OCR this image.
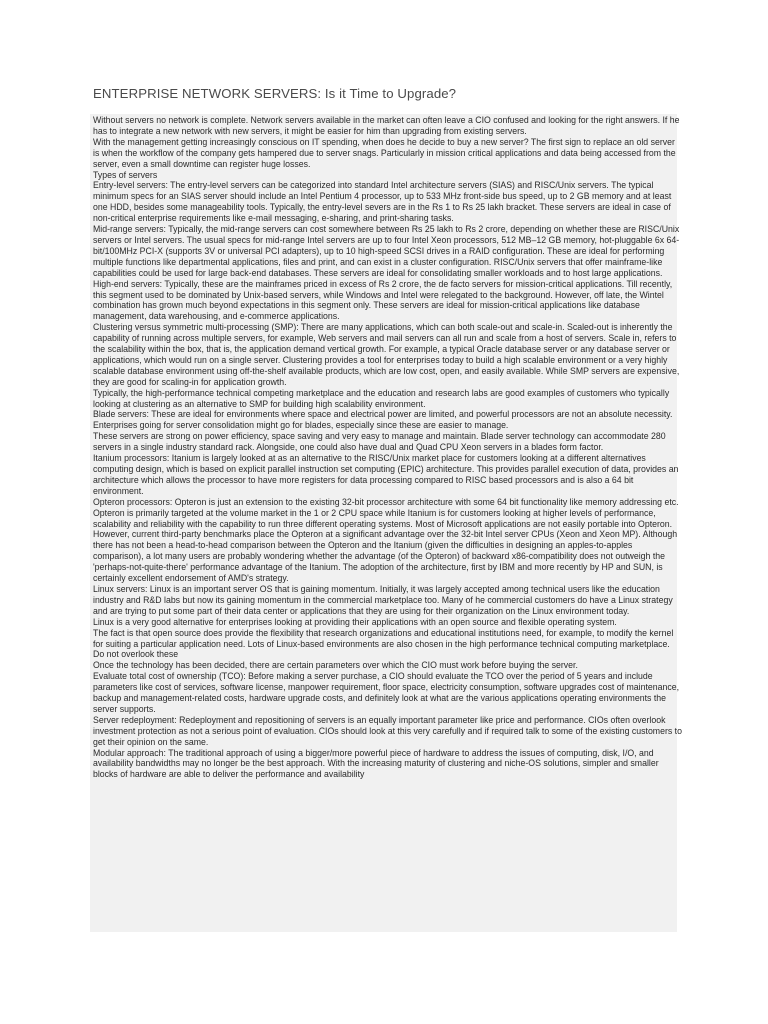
ENTERPRISE NETWORK SERVERS: Is it Time to Upgrade?

Without servers no network is complete. Network servers available in the market can often leave a CIO confused and looking for the right answers. If he has to integrate a new network with new servers, it might be easier for him than upgrading from existing servers.

With the management getting increasingly conscious on IT spending, when does he decide to buy a new server? The first sign to replace an old server is when the workflow of the company gets hampered due to server snags. Particularly in mission critical applications and data being accessed from the server, even a small downtime can register huge losses.

Types of servers

Entry-level servers: The entry-level servers can be categorized into standard Intel architecture servers (SIAS) and RISC/Unix servers. The typical minimum specs for an SIAS server should include an Intel Pentium 4 processor, up to 533 MHz front-side bus speed, up to 2 GB memory and at least one HDD, besides some manageability tools. Typically, the entry-level severs are in the Rs 1 to Rs 25 lakh bracket. These servers are ideal in case of non-critical enterprise requirements like e-mail messaging, e-sharing, and print-sharing tasks.

Mid-range servers: Typically, the mid-range servers can cost somewhere between Rs 25 lakh to Rs 2 crore, depending on whether these are RISC/Unix servers or Intel servers. The usual specs for mid-range Intel servers are up to four Intel Xeon processors, 512 MB–12 GB memory, hot-pluggable 6x 64-bit/100MHz PCI-X (supports 3V or universal PCI adapters), up to 10 high-speed SCSI drives in a RAID configuration. These are ideal for performing multiple functions like departmental applications, files and print, and can exist in a cluster configuration. RISC/Unix servers that offer mainframe-like capabilities could be used for large back-end databases. These servers are ideal for consolidating smaller workloads and to host large applications.

High-end servers: Typically, these are the mainframes priced in excess of Rs 2 crore, the de facto servers for mission-critical applications. Till recently, this segment used to be dominated by Unix-based servers, while Windows and Intel were relegated to the background. However, off late, the Wintel combination has grown much beyond expectations in this segment only. These servers are ideal for mission-critical applications like database management, data warehousing, and e-commerce applications.

Clustering versus symmetric multi-processing (SMP): There are many applications, which can both scale-out and scale-in. Scaled-out is inherently the capability of running across multiple servers, for example, Web servers and mail servers can all run and scale from a host of servers. Scale in, refers to the scalability within the box, that is, the application demand vertical growth. For example, a typical Oracle database server or any database server or applications, which would run on a single server. Clustering provides a tool for enterprises today to build a high scalable environment or a very highly scalable database environment using off-the-shelf available products, which are low cost, open, and easily available. While SMP servers are expensive, they are good for scaling-in for application growth.

Typically, the high-performance technical competing marketplace and the education and research labs are good examples of customers who typically looking at clustering as an alternative to SMP for building high scalability environment.

Blade servers: These are ideal for environments where space and electrical power are limited, and powerful processors are not an absolute necessity. Enterprises going for server consolidation might go for blades, especially since these are easier to manage.

These servers are strong on power efficiency, space saving and very easy to manage and maintain. Blade server technology can accommodate 280 servers in a single industry standard rack. Alongside, one could also have dual and Quad CPU Xeon servers in a blades form factor.

Itanium processors: Itanium is largely looked at as an alternative to the RISC/Unix market place for customers looking at a different alternatives computing design, which is based on explicit parallel instruction set computing (EPIC) architecture. This provides parallel execution of data, provides an architecture which allows the processor to have more registers for data processing compared to RISC based processors and is also a 64 bit environment.

Opteron processors: Opteron is just an extension to the existing 32-bit processor architecture with some 64 bit functionality like memory addressing etc. Opteron is primarily targeted at the volume market in the 1 or 2 CPU space while Itanium is for customers looking at higher levels of performance, scalability and reliability with the capability to run three different operating systems. Most of Microsoft applications are not easily portable into Opteron.

However, current third-party benchmarks place the Opteron at a significant advantage over the 32-bit Intel server CPUs (Xeon and Xeon MP). Although there has not been a head-to-head comparison between the Opteron and the Itanium (given the difficulties in designing an apples-to-apples comparison), a lot many users are probably wondering whether the advantage (of the Opteron) of backward x86-compatibility does not outweigh the 'perhaps-not-quite-there' performance advantage of the Itanium. The adoption of the architecture, first by IBM and more recently by HP and SUN, is certainly excellent endorsement of AMD's strategy.

Linux servers: Linux is an important server OS that is gaining momentum. Initially, it was largely accepted among technical users like the education industry and R&D labs but now its gaining momentum in the commercial marketplace too. Many of he commercial customers do have a Linux strategy and are trying to put some part of their data center or applications that they are using for their organization on the Linux environment today.

Linux is a very good alternative for enterprises looking at providing their applications with an open source and flexible operating system.

The fact is that open source does provide the flexibility that research organizations and educational institutions need, for example, to modify the kernel for suiting a particular application need. Lots of Linux-based environments are also chosen in the high performance technical computing marketplace.

Do not overlook these

Once the technology has been decided, there are certain parameters over which the CIO must work before buying the server.

Evaluate total cost of ownership (TCO): Before making a server purchase, a CIO should evaluate the TCO over the period of 5 years and include parameters like cost of services, software license, manpower requirement, floor space, electricity consumption, software upgrades cost of maintenance, backup and management-related costs, hardware upgrade costs, and definitely look at what are the various applications operating environments the server supports.

Server redeployment: Redeployment and repositioning of servers is an equally important parameter like price and performance. CIOs often overlook investment protection as not a serious point of evaluation. CIOs should look at this very carefully and if required talk to some of the existing customers to get their opinion on the same.

Modular approach: The traditional approach of using a bigger/more powerful piece of hardware to address the issues of computing, disk, I/O, and availability bandwidths may no longer be the best approach. With the increasing maturity of clustering and niche-OS solutions, simpler and smaller blocks of hardware are able to deliver the performance and availability
